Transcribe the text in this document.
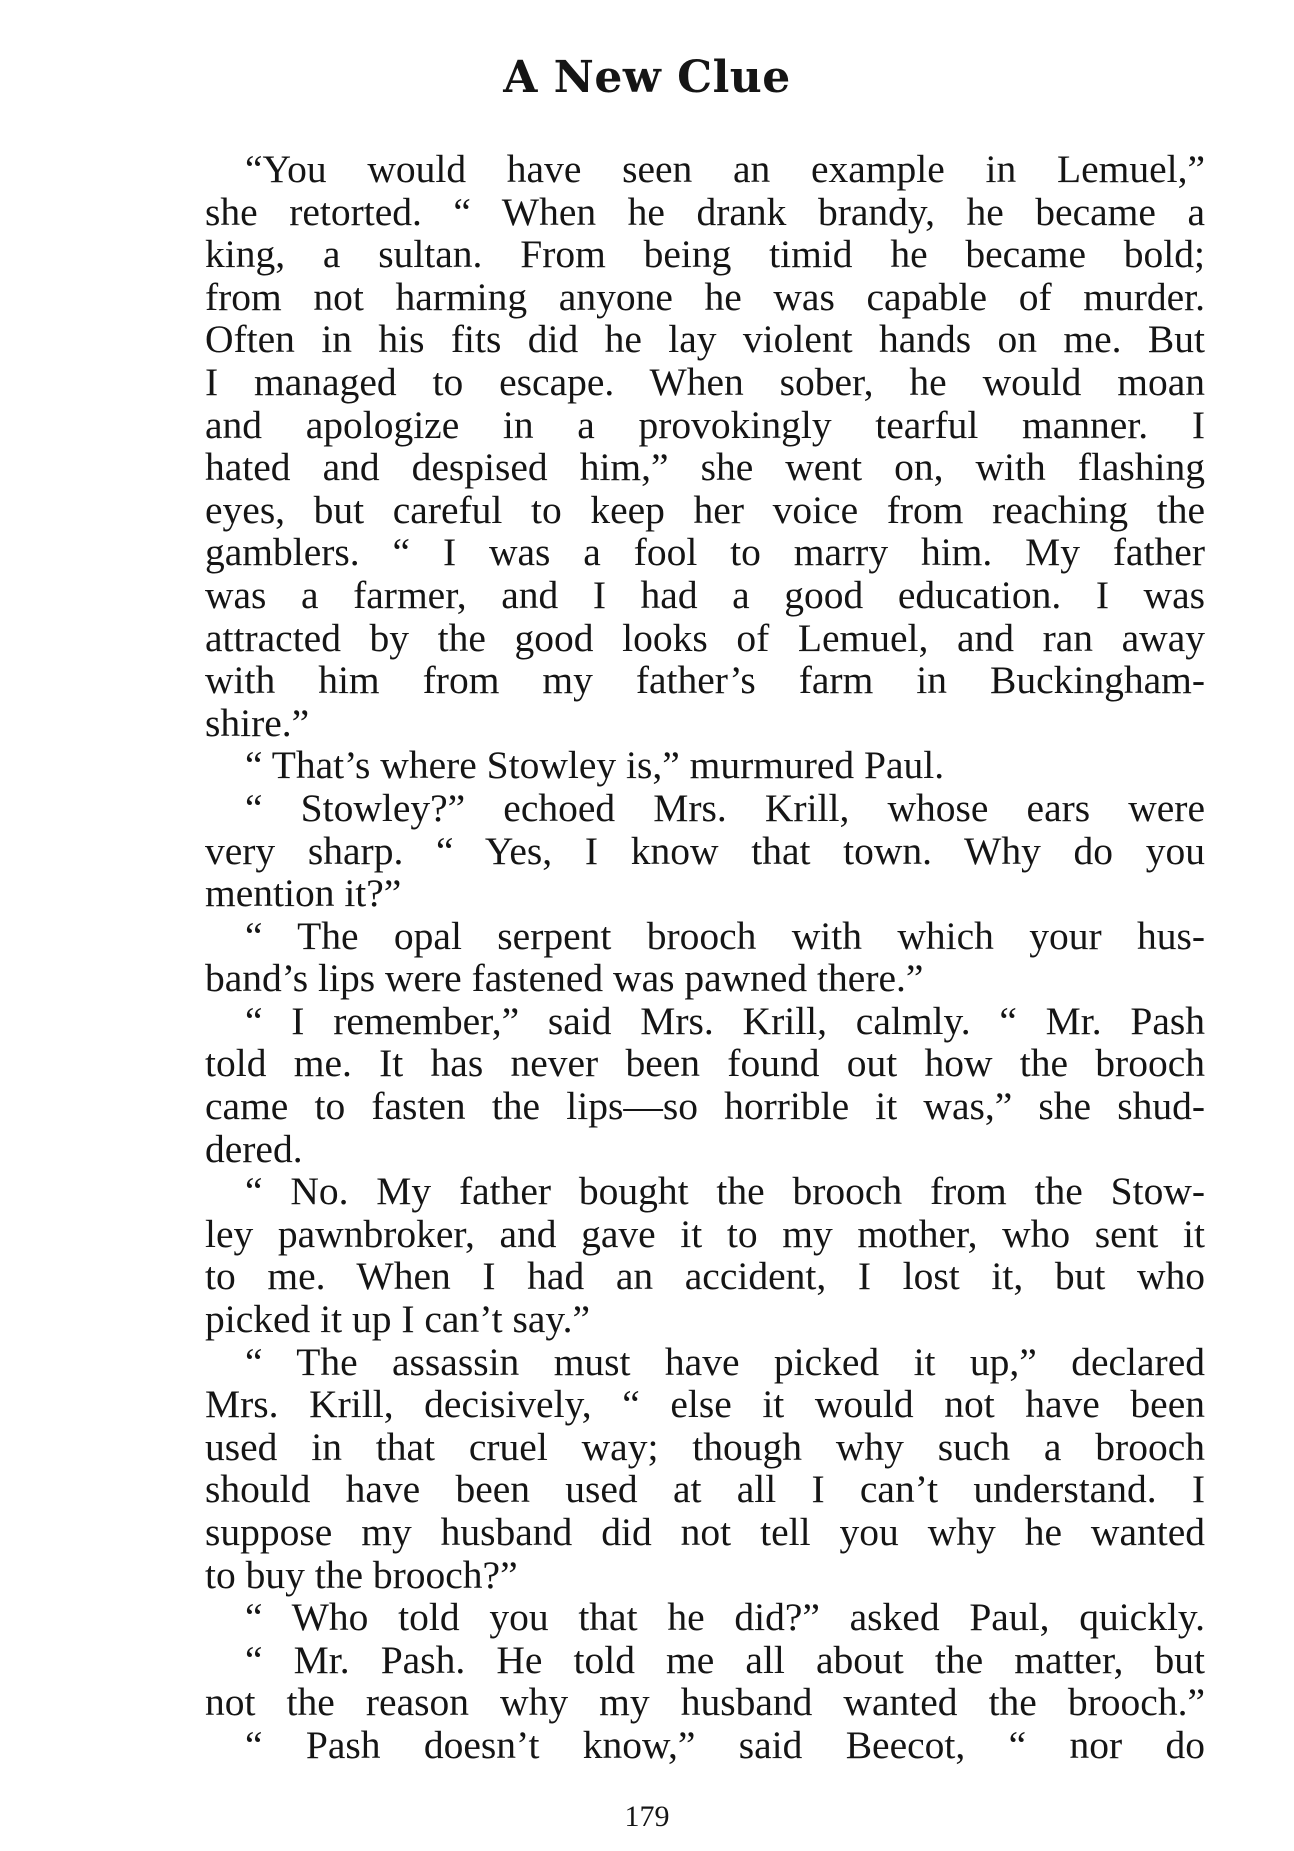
A New Clue
“You would have seen an example in Lemuel,”
she retorted. “ When he drank brandy, he became a
king, a sultan. From being timid he became bold;
from not harming anyone he was capable of murder.
Often in his fits did he lay violent hands on me. But
I managed to escape. When sober, he would moan
and apologize in a provokingly tearful manner. I
hated and despised him,” she went on, with flashing
eyes, but careful to keep her voice from reaching the
gamblers. “ I was a fool to marry him. My father
was a farmer, and I had a good education. I was
attracted by the good looks of Lemuel, and ran away
with him from my father’s farm in Buckingham-
shire.”
“ That’s where Stowley is,” murmured Paul.
“ Stowley?” echoed Mrs. Krill, whose ears were
very sharp. “ Yes, I know that town. Why do you
mention it?”
“ The opal serpent brooch with which your hus-
band’s lips were fastened was pawned there.”
“ I remember,” said Mrs. Krill, calmly. “ Mr. Pash
told me. It has never been found out how the brooch
came to fasten the lips—so horrible it was,” she shud-
dered.
“ No. My father bought the brooch from the Stow-
ley pawnbroker, and gave it to my mother, who sent it
to me. When I had an accident, I lost it, but who
picked it up I can’t say.”
“ The assassin must have picked it up,” declared
Mrs. Krill, decisively, “ else it would not have been
used in that cruel way; though why such a brooch
should have been used at all I can’t understand. I
suppose my husband did not tell you why he wanted
to buy the brooch?”
“ Who told you that he did?” asked Paul, quickly.
“ Mr. Pash. He told me all about the matter, but
not the reason why my husband wanted the brooch.”
“ Pash doesn’t know,” said Beecot, “ nor do
179
